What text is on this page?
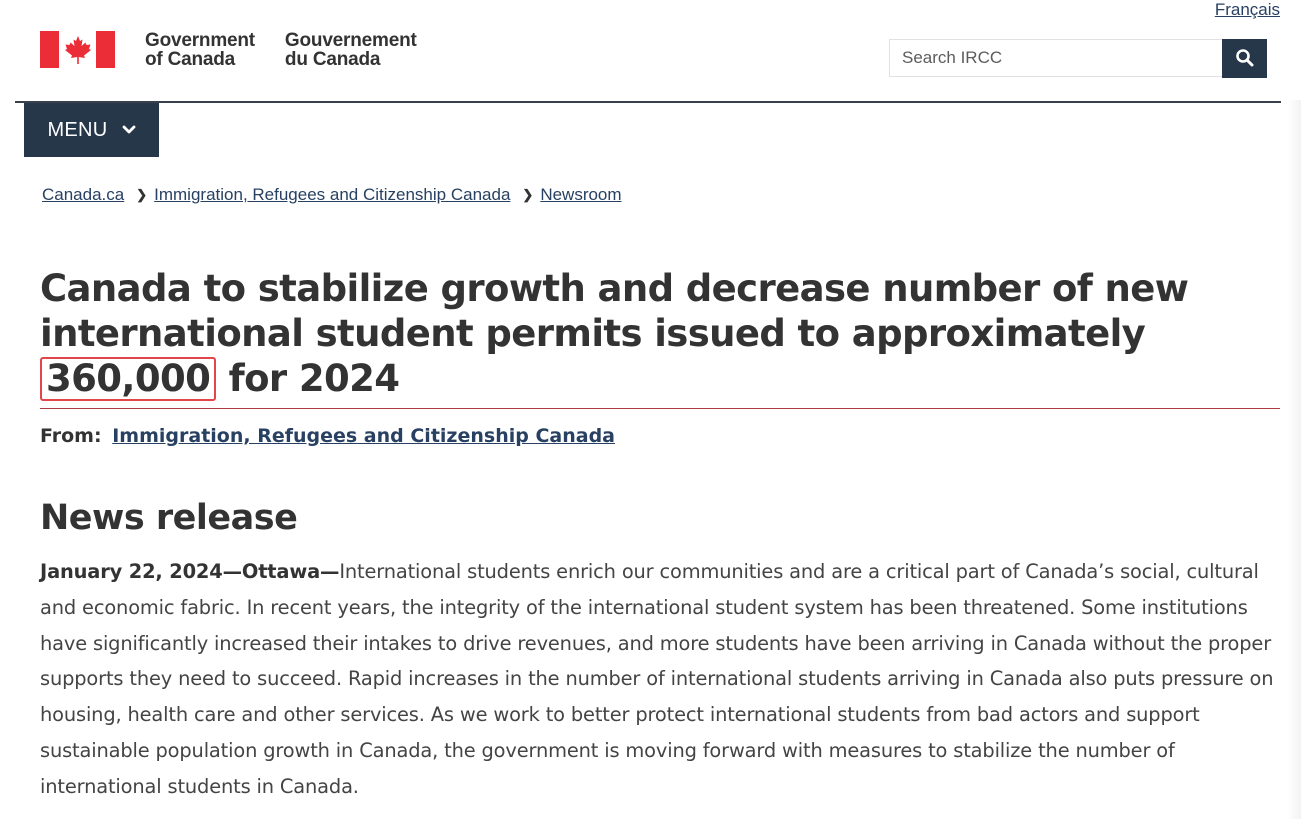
Français
Government
of Canada
Gouvernement
du Canada
Search IRCC
MENU
Canada.ca ❯ Immigration, Refugees and Citizenship Canada ❯ Newsroom
Canada to stabilize growth and decrease number of new international student permits issued to approximately 360,000 for 2024
From: Immigration, Refugees and Citizenship Canada
News release

January 22, 2024—Ottawa—International students enrich our communities and are a critical part of Canada’s social, cultural and economic fabric. In recent years, the integrity of the international student system has been threatened. Some institutions have significantly increased their intakes to drive revenues, and more students have been arriving in Canada without the proper supports they need to succeed. Rapid increases in the number of international students arriving in Canada also puts pressure on housing, health care and other services. As we work to better protect international students from bad actors and support sustainable population growth in Canada, the government is moving forward with measures to stabilize the number of international students in Canada.
